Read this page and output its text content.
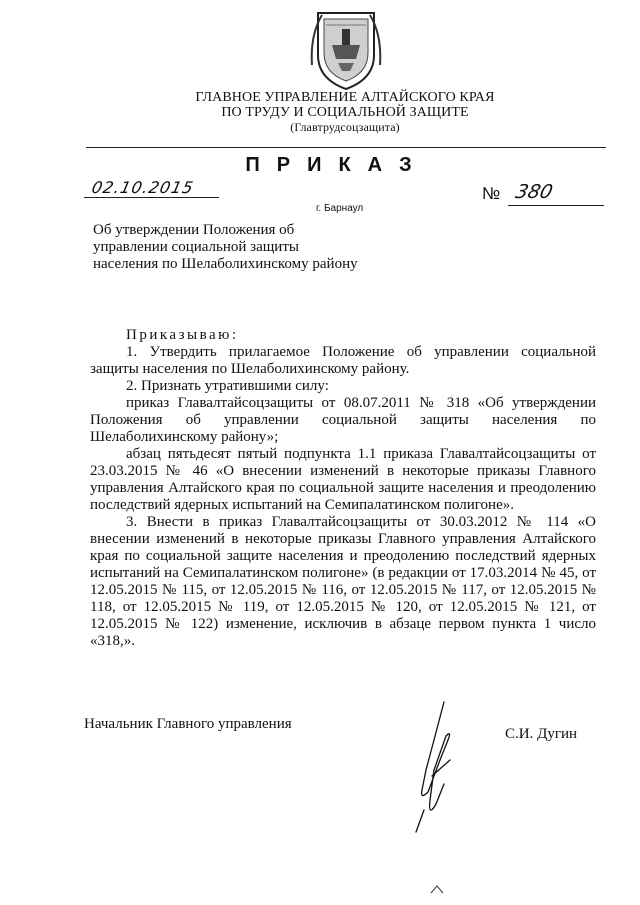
ГЛАВНОЕ УПРАВЛЕНИЕ АЛТАЙСКОГО КРАЯ
ПО ТРУДУ И СОЦИАЛЬНОЙ ЗАЩИТЕ
(Главтрудсоцзащита)
ПРИКАЗ
02.10.2015
г. Барнаул
№ 380
Об утверждении Положения об управлении социальной защиты населения по Шелаболихинскому району

Приказываю:

1. Утвердить прилагаемое Положение об управлении социальной защиты населения по Шелаболихинскому району.

2. Признать утратившими силу:

приказ Главалтайсоцзащиты от 08.07.2011 № 318 «Об утверждении Положения об управлении социальной защиты населения по Шелаболихинскому району»;

абзац пятьдесят пятый подпункта 1.1 приказа Главалтайсоцзащиты от 23.03.2015 № 46 «О внесении изменений в некоторые приказы Главного управления Алтайского края по социальной защите населения и преодолению последствий ядерных испытаний на Семипалатинском полигоне».

3. Внести в приказ Главалтайсоцзащиты от 30.03.2012 № 114 «О внесении изменений в некоторые приказы Главного управления Алтайского края по социальной защите населения и преодолению последствий ядерных испытаний на Семипалатинском полигоне» (в редакции от 17.03.2014 № 45, от 12.05.2015 № 115, от 12.05.2015 № 116, от 12.05.2015 № 117, от 12.05.2015 № 118, от 12.05.2015 № 119, от 12.05.2015 № 120, от 12.05.2015 № 121, от 12.05.2015 № 122) изменение, исключив в абзаце первом пункта 1 число «318,».

Начальник Главного управления
С.И. Дугин
